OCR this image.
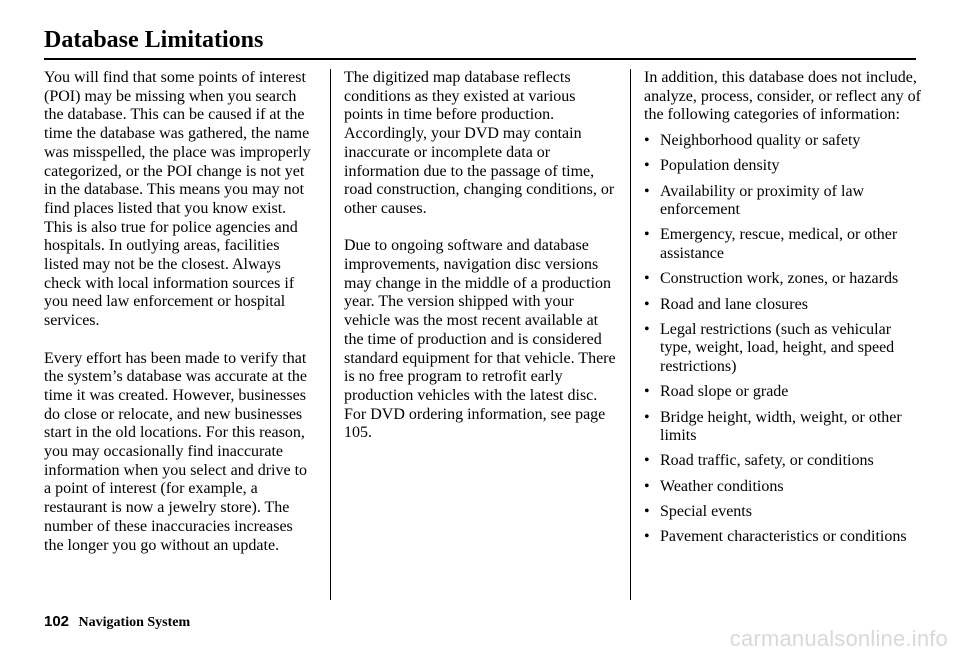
Database Limitations

You will find that some points of interest (POI) may be missing when you search the database. This can be caused if at the time the database was gathered, the name was misspelled, the place was improperly categorized, or the POI change is not yet in the database. This means you may not find places listed that you know exist. This is also true for police agencies and hospitals. In outlying areas, facilities listed may not be the closest. Always check with local information sources if you need law enforcement or hospital services.

Every effort has been made to verify that the system’s database was accurate at the time it was created. However, businesses do close or relocate, and new businesses start in the old locations. For this reason, you may occasionally find inaccurate information when you select and drive to a point of interest (for example, a restaurant is now a jewelry store). The number of these inaccuracies increases the longer you go without an update.

The digitized map database reflects conditions as they existed at various points in time before production. Accordingly, your DVD may contain inaccurate or incomplete data or information due to the passage of time, road construction, changing conditions, or other causes.

Due to ongoing software and database improvements, navigation disc versions may change in the middle of a production year. The version shipped with your vehicle was the most recent available at the time of production and is considered standard equipment for that vehicle. There is no free program to retrofit early production vehicles with the latest disc. For DVD ordering information, see page 105.

In addition, this database does not include, analyze, process, consider, or reflect any of the following categories of information:

• Neighborhood quality or safety
• Population density
• Availability or proximity of law enforcement
• Emergency, rescue, medical, or other assistance
• Construction work, zones, or hazards
• Road and lane closures
• Legal restrictions (such as vehicular type, weight, load, height, and speed restrictions)
• Road slope or grade
• Bridge height, width, weight, or other limits
• Road traffic, safety, or conditions
• Weather conditions
• Special events
• Pavement characteristics or conditions
102 Navigation System
carmanualsonline.info
